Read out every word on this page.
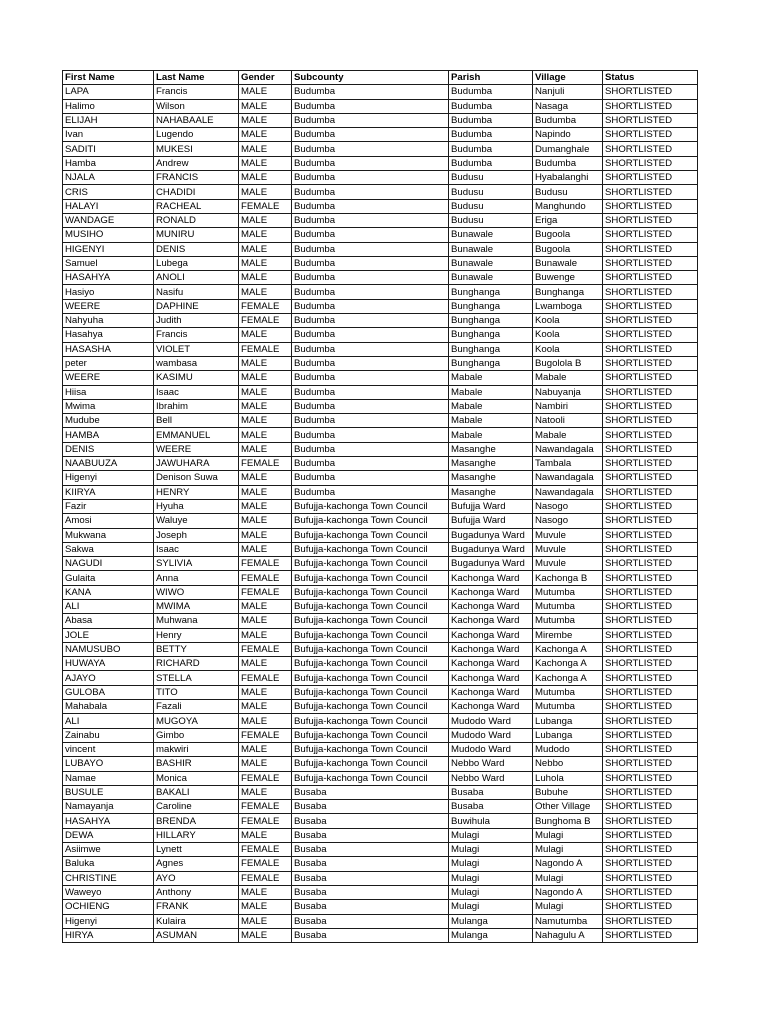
First Name	Last Name	Gender	Subcounty	Parish	Village	Status
LAPA	Francis	MALE	Budumba	Budumba	Nanjuli	SHORTLISTED
Halimo	Wilson	MALE	Budumba	Budumba	Nasaga	SHORTLISTED
ELIJAH	NAHABAALE	MALE	Budumba	Budumba	Budumba	SHORTLISTED
Ivan	Lugendo	MALE	Budumba	Budumba	Napindo	SHORTLISTED
SADITI	MUKESI	MALE	Budumba	Budumba	Dumanghale	SHORTLISTED
Hamba	Andrew	MALE	Budumba	Budumba	Budumba	SHORTLISTED
NJALA	FRANCIS	MALE	Budumba	Budusu	Hyabalanghi	SHORTLISTED
CRIS	CHADIDI	MALE	Budumba	Budusu	Budusu	SHORTLISTED
HALAYI	RACHEAL	FEMALE	Budumba	Budusu	Manghundo	SHORTLISTED
WANDAGE	RONALD	MALE	Budumba	Budusu	Eriga	SHORTLISTED
MUSIHO	MUNIRU	MALE	Budumba	Bunawale	Bugoola	SHORTLISTED
HIGENYI	DENIS	MALE	Budumba	Bunawale	Bugoola	SHORTLISTED
Samuel	Lubega	MALE	Budumba	Bunawale	Bunawale	SHORTLISTED
HASAHYA	ANOLI	MALE	Budumba	Bunawale	Buwenge	SHORTLISTED
Hasiyo	Nasifu	MALE	Budumba	Bunghanga	Bunghanga	SHORTLISTED
WEERE	DAPHINE	FEMALE	Budumba	Bunghanga	Lwamboga	SHORTLISTED
Nahyuha	Judith	FEMALE	Budumba	Bunghanga	Koola	SHORTLISTED
Hasahya	Francis	MALE	Budumba	Bunghanga	Koola	SHORTLISTED
HASASHA	VIOLET	FEMALE	Budumba	Bunghanga	Koola	SHORTLISTED
peter	wambasa	MALE	Budumba	Bunghanga	Bugolola B	SHORTLISTED
WEERE	KASIMU	MALE	Budumba	Mabale	Mabale	SHORTLISTED
Hiisa	Isaac	MALE	Budumba	Mabale	Nabuyanja	SHORTLISTED
Mwima	Ibrahim	MALE	Budumba	Mabale	Nambiri	SHORTLISTED
Mudube	Bell	MALE	Budumba	Mabale	Natooli	SHORTLISTED
HAMBA	EMMANUEL	MALE	Budumba	Mabale	Mabale	SHORTLISTED
DENIS	WEERE	MALE	Budumba	Masanghe	Nawandagala	SHORTLISTED
NAABUUZA	JAWUHARA	FEMALE	Budumba	Masanghe	Tambala	SHORTLISTED
Higenyi	Denison Suwa	MALE	Budumba	Masanghe	Nawandagala	SHORTLISTED
KIIRYA	HENRY	MALE	Budumba	Masanghe	Nawandagala	SHORTLISTED
Fazir	Hyuha	MALE	Bufujja-kachonga Town Council	Bufujja Ward	Nasogo	SHORTLISTED
Amosi	Waluye	MALE	Bufujja-kachonga Town Council	Bufujja Ward	Nasogo	SHORTLISTED
Mukwana	Joseph	MALE	Bufujja-kachonga Town Council	Bugadunya Ward	Muvule	SHORTLISTED
Sakwa	Isaac	MALE	Bufujja-kachonga Town Council	Bugadunya Ward	Muvule	SHORTLISTED
NAGUDI	SYLIVIA	FEMALE	Bufujja-kachonga Town Council	Bugadunya Ward	Muvule	SHORTLISTED
Gulaita	Anna	FEMALE	Bufujja-kachonga Town Council	Kachonga Ward	Kachonga B	SHORTLISTED
KANA	WIWO	FEMALE	Bufujja-kachonga Town Council	Kachonga Ward	Mutumba	SHORTLISTED
ALI	MWIMA	MALE	Bufujja-kachonga Town Council	Kachonga Ward	Mutumba	SHORTLISTED
Abasa	Muhwana	MALE	Bufujja-kachonga Town Council	Kachonga Ward	Mutumba	SHORTLISTED
JOLE	Henry	MALE	Bufujja-kachonga Town Council	Kachonga Ward	Mirembe	SHORTLISTED
NAMUSUBO	BETTY	FEMALE	Bufujja-kachonga Town Council	Kachonga Ward	Kachonga A	SHORTLISTED
HUWAYA	RICHARD	MALE	Bufujja-kachonga Town Council	Kachonga Ward	Kachonga A	SHORTLISTED
AJAYO	STELLA	FEMALE	Bufujja-kachonga Town Council	Kachonga Ward	Kachonga A	SHORTLISTED
GULOBA	TITO	MALE	Bufujja-kachonga Town Council	Kachonga Ward	Mutumba	SHORTLISTED
Mahabala	Fazali	MALE	Bufujja-kachonga Town Council	Kachonga Ward	Mutumba	SHORTLISTED
ALI	MUGOYA	MALE	Bufujja-kachonga Town Council	Mudodo Ward	Lubanga	SHORTLISTED
Zainabu	Gimbo	FEMALE	Bufujja-kachonga Town Council	Mudodo Ward	Lubanga	SHORTLISTED
vincent	makwiri	MALE	Bufujja-kachonga Town Council	Mudodo Ward	Mudodo	SHORTLISTED
LUBAYO	BASHIR	MALE	Bufujja-kachonga Town Council	Nebbo Ward	Nebbo	SHORTLISTED
Namae	Monica	FEMALE	Bufujja-kachonga Town Council	Nebbo Ward	Luhola	SHORTLISTED
BUSULE	BAKALI	MALE	Busaba	Busaba	Bubuhe	SHORTLISTED
Namayanja	Caroline	FEMALE	Busaba	Busaba	Other Village	SHORTLISTED
HASAHYA	BRENDA	FEMALE	Busaba	Buwihula	Bunghoma B	SHORTLISTED
DEWA	HILLARY	MALE	Busaba	Mulagi	Mulagi	SHORTLISTED
Asiimwe	Lynett	FEMALE	Busaba	Mulagi	Mulagi	SHORTLISTED
Baluka	Agnes	FEMALE	Busaba	Mulagi	Nagondo A	SHORTLISTED
CHRISTINE	AYO	FEMALE	Busaba	Mulagi	Mulagi	SHORTLISTED
Waweyo	Anthony	MALE	Busaba	Mulagi	Nagondo A	SHORTLISTED
OCHIENG	FRANK	MALE	Busaba	Mulagi	Mulagi	SHORTLISTED
Higenyi	Kulaira	MALE	Busaba	Mulanga	Namutumba	SHORTLISTED
HIRYA	ASUMAN	MALE	Busaba	Mulanga	Nahagulu A	SHORTLISTED
